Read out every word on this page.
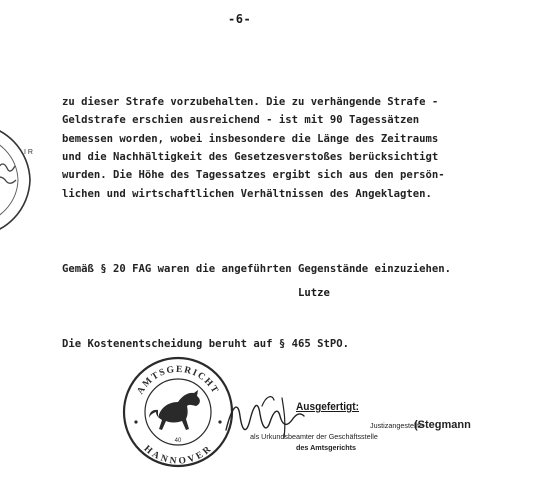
-6-

zu dieser Strafe vorzubehalten. Die zu verhängende Strafe -
Geldstrafe erschien ausreichend - ist mit 90 Tagessätzen
bemessen worden, wobei insbesondere die Länge des Zeitraums
und die Nachhältigkeit des Gesetzesverstoßes berücksichtigt
wurden. Die Höhe des Tagessatzes ergibt sich aus den persön-
lichen und wirtschaftlichen Verhältnissen des Angeklagten.

Gemäß § 20 FAG waren die angeführten Gegenstände einzuziehen.

Die Kostenentscheidung beruht auf § 465 StPO.

Lutze
I R
AMTSGERICHT
HANNOVER
40
Ausgefertigt:
Justizangestellte
als Urkundsbeamter der Geschäftsstelle
des Amtsgerichts
(Stegmann
